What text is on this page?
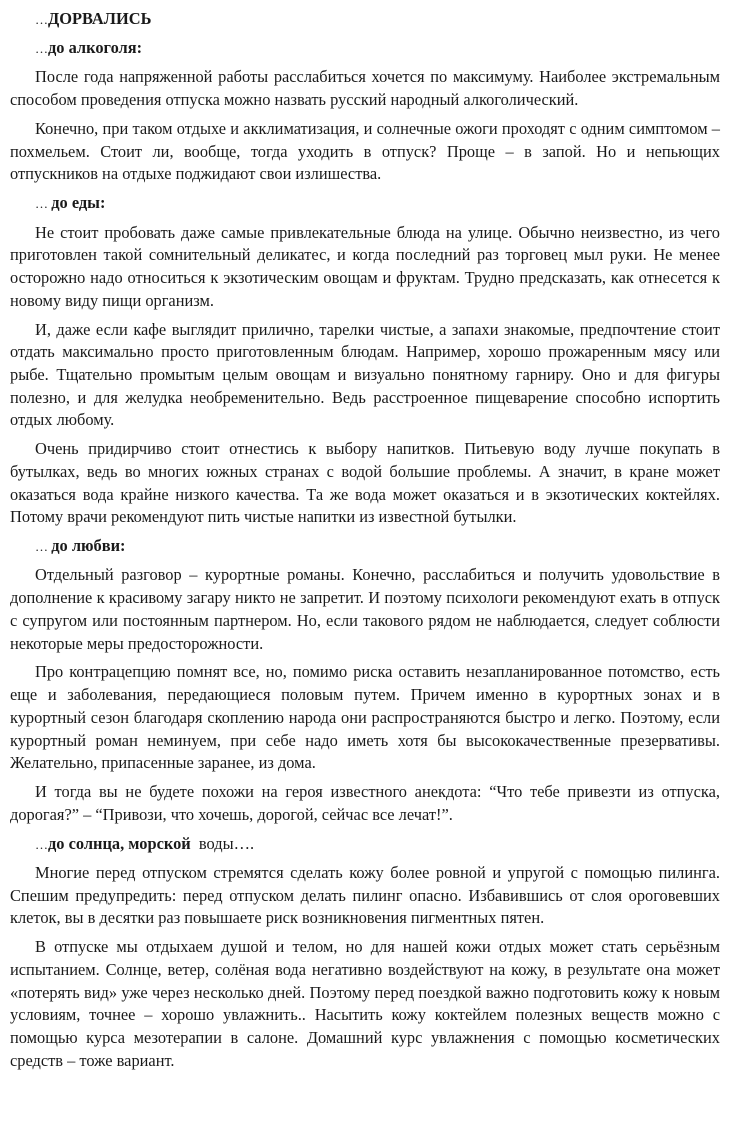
…ДОРВАЛИСЬ

…до алкоголя:

После года напряженной работы расслабиться хочется по максимуму. Наиболее экстремальным способом проведения отпуска можно назвать русский народный алкоголический.

Конечно, при таком отдыхе и акклиматизация, и солнечные ожоги проходят с одним симптомом – похмельем. Стоит ли, вообще, тогда уходить в отпуск? Проще – в запой. Но и непьющих отпускников на отдыхе поджидают свои излишества.

… до еды:

Не стоит пробовать даже самые привлекательные блюда на улице. Обычно неизвестно, из чего приготовлен такой сомнительный деликатес, и когда последний раз торговец мыл руки. Не менее осторожно надо относиться к экзотическим овощам и фруктам. Трудно предсказать, как отнесется к новому виду пищи организм.

И, даже если кафе выглядит прилично, тарелки чистые, а запахи знакомые, предпочтение стоит отдать максимально просто приготовленным блюдам. Например, хорошо прожаренным мясу или рыбе. Тщательно промытым целым овощам и визуально понятному гарниру. Оно и для фигуры полезно, и для желудка необременительно. Ведь расстроенное пищеварение способно испортить отдых любому.

Очень придирчиво стоит отнестись к выбору напитков. Питьевую воду лучше покупать в бутылках, ведь во многих южных странах с водой большие проблемы. А значит, в кране может оказаться вода крайне низкого качества. Та же вода может оказаться и в экзотических коктейлях. Потому врачи рекомендуют пить чистые напитки из известной бутылки.

… до любви:

Отдельный разговор – курортные романы. Конечно, расслабиться и получить удовольствие в дополнение к красивому загару никто не запретит. И поэтому психологи рекомендуют ехать в отпуск с супругом или постоянным партнером. Но, если такового рядом не наблюдается, следует соблюсти некоторые меры предосторожности.

Про контрацепцию помнят все, но, помимо риска оставить незапланированное потомство, есть еще и заболевания, передающиеся половым путем. Причем именно в курортных зонах и в курортный сезон благодаря скоплению народа они распространяются быстро и легко. Поэтому, если курортный роман неминуем, при себе надо иметь хотя бы высококачественные презервативы. Желательно, припасенные заранее, из дома.

И тогда вы не будете похожи на героя известного анекдота: “Что тебе привезти из отпуска, дорогая?” – “Привози, что хочешь, дорогой, сейчас все лечат!”.

…до солнца, морской  воды….

Многие перед отпуском стремятся сделать кожу более ровной и упругой с помощью пилинга. Спешим предупредить: перед отпуском делать пилинг опасно. Избавившись от слоя ороговевших клеток, вы в десятки раз повышаете риск возникновения пигментных пятен.

В отпуске мы отдыхаем душой и телом, но для нашей кожи отдых может стать серьёзным испытанием. Солнце, ветер, солёная вода негативно воздействуют на кожу, в результате она может «потерять вид» уже через несколько дней. Поэтому перед поездкой важно подготовить кожу к новым условиям, точнее – хорошо увлажнить.. Насытить кожу коктейлем полезных веществ можно с помощью курса мезотерапии в салоне. Домашний курс увлажнения с помощью косметических средств – тоже вариант.
